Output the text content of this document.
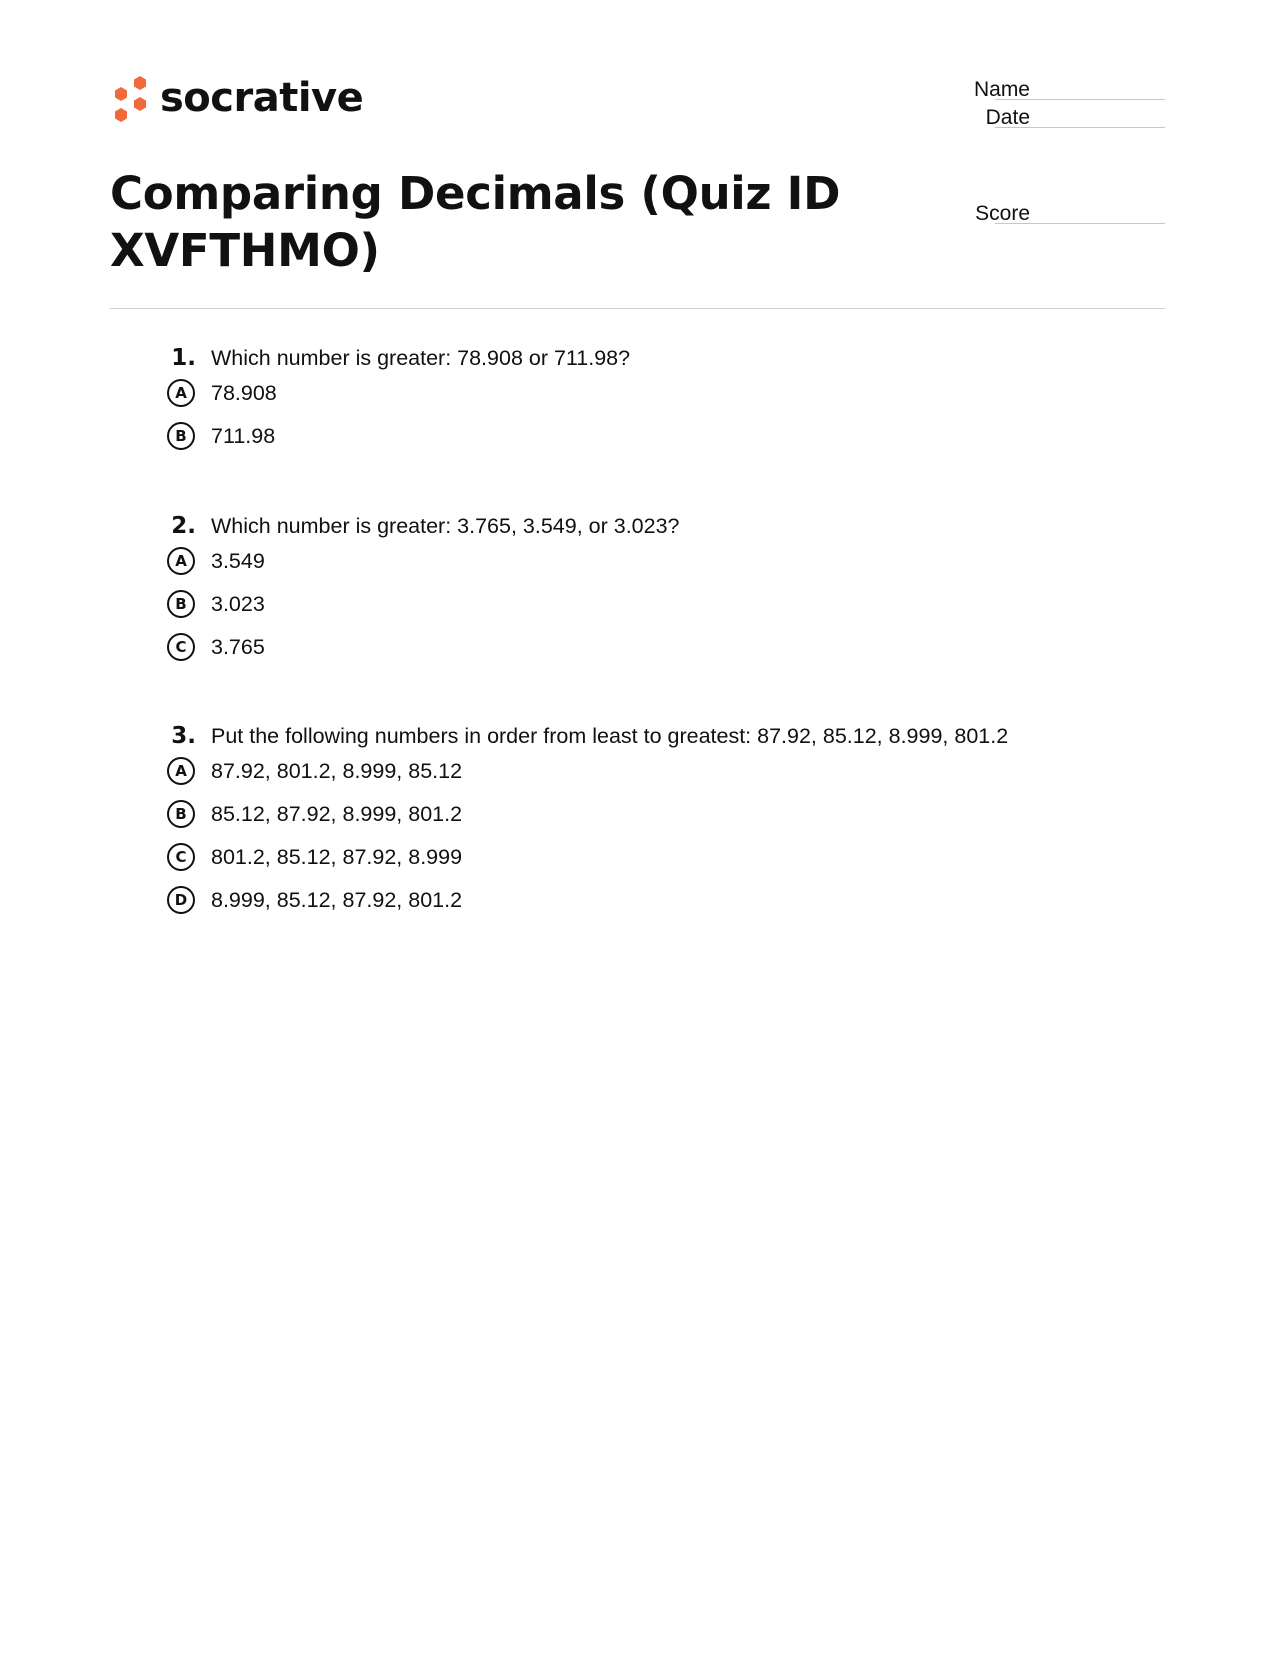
socrative	Name
Date
Score
Comparing Decimals (Quiz ID XVFTHMO)
1. Which number is greater: 78.908 or 711.98?
A	78.908
B	711.98
2. Which number is greater: 3.765, 3.549, or 3.023?
A	3.549
B	3.023
C	3.765
3. Put the following numbers in order from least to greatest: 87.92, 85.12, 8.999, 801.2
A	87.92, 801.2, 8.999, 85.12
B	85.12, 87.92, 8.999, 801.2
C	801.2, 85.12, 87.92, 8.999
D	8.999, 85.12, 87.92, 801.2
